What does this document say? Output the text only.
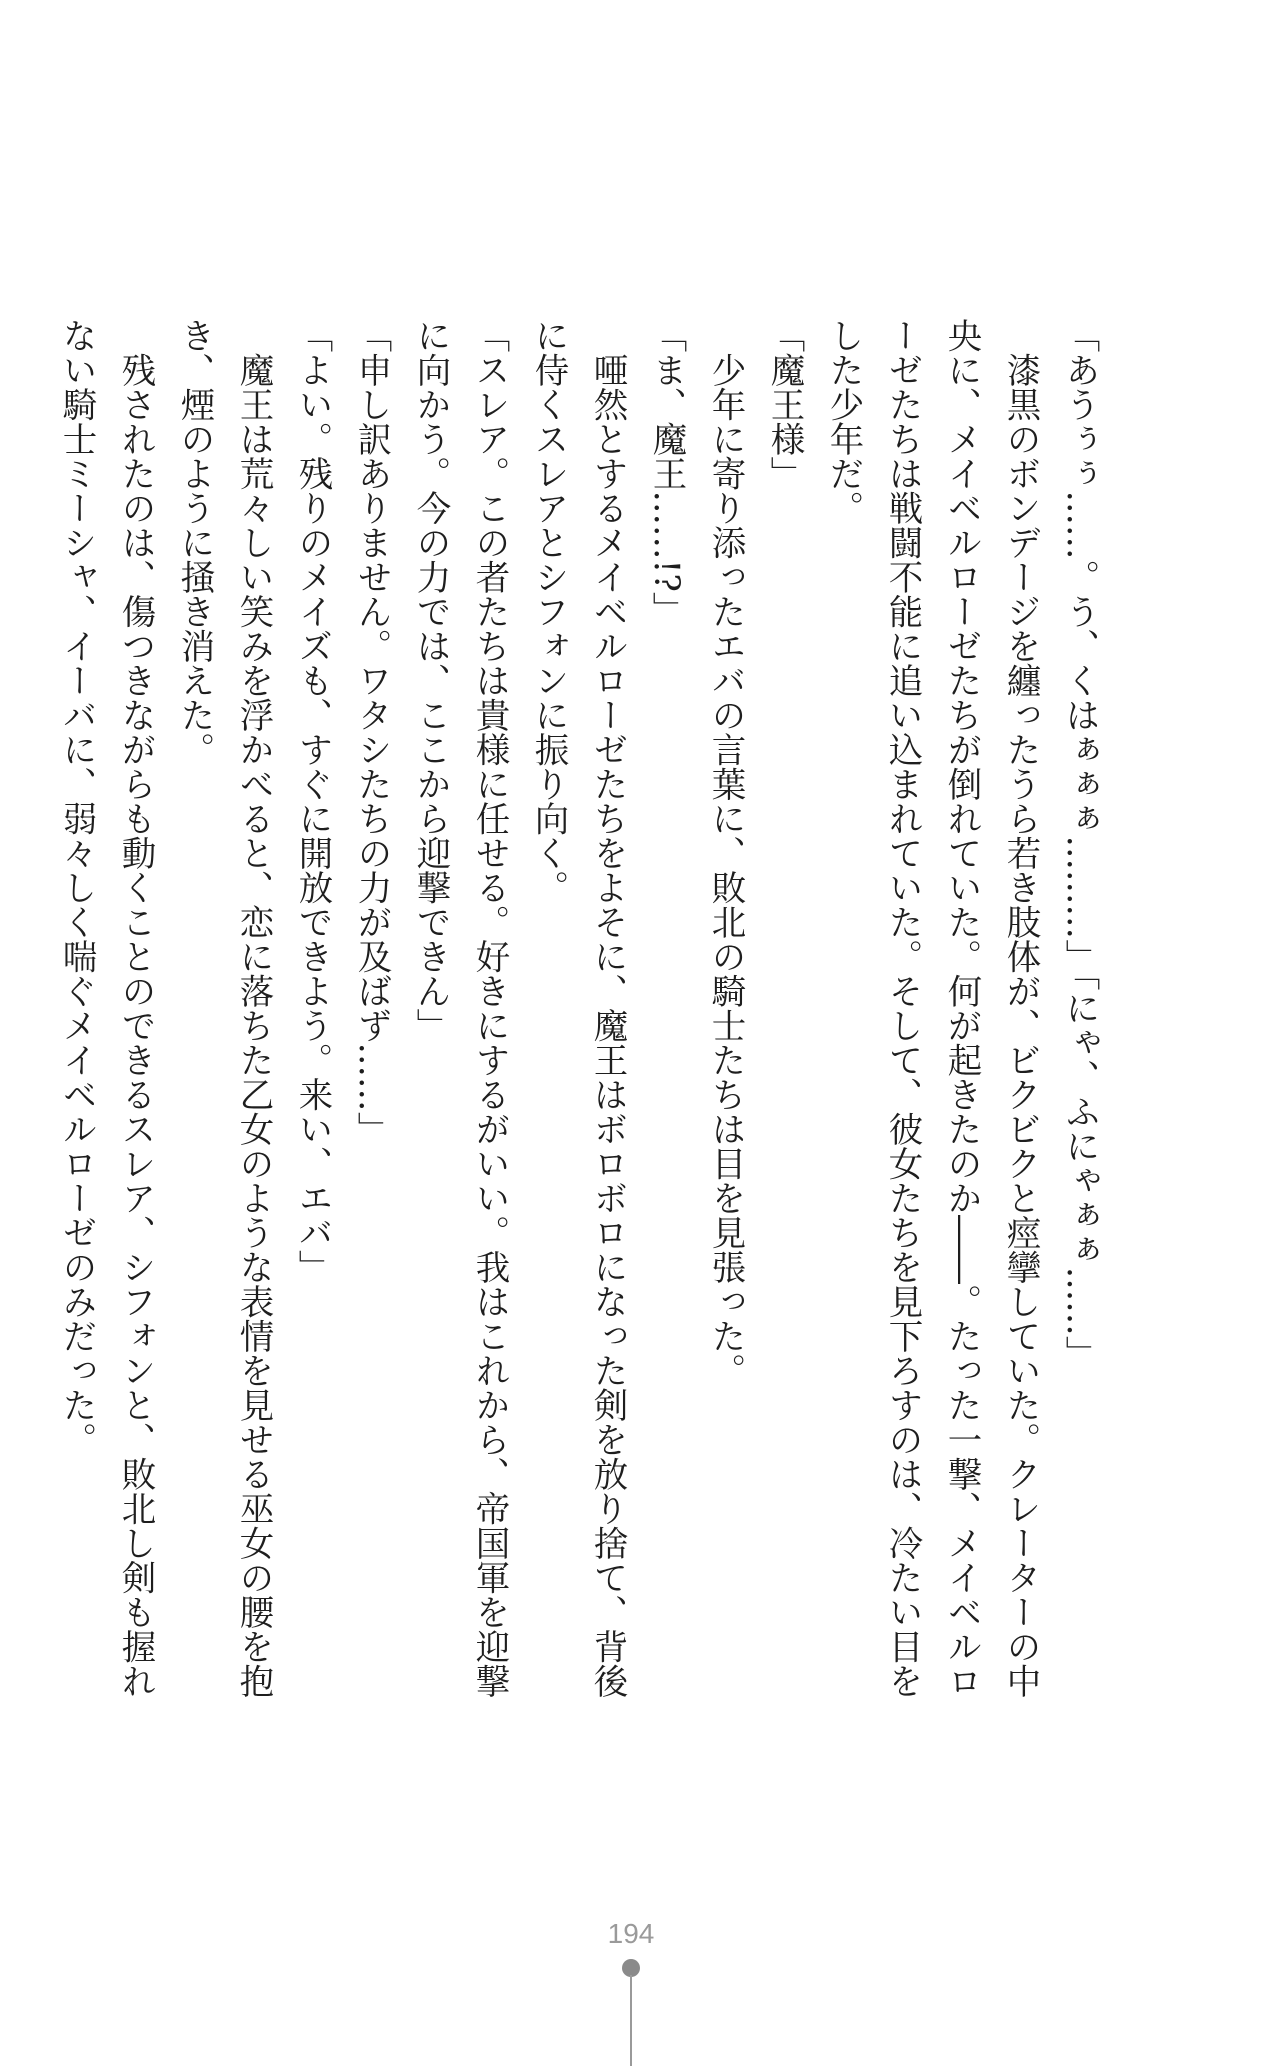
「あうぅぅ……。う、くはぁぁぁ………」「にゃ、ふにゃぁぁ……」

　漆黒のボンデージを纏ったうら若き肢体が、ビクビクと痙攣していた。クレーターの中

央に、メイベルローゼたちが倒れていた。何が起きたのか――。たった一撃、メイベルロ

ーゼたちは戦闘不能に追い込まれていた。そして、彼女たちを見下ろすのは、冷たい目を

した少年だ。

「魔王様」

　少年に寄り添ったエバの言葉に、敗北の騎士たちは目を見張った。

「ま、魔王……!?」

　唖然とするメイベルローゼたちをよそに、魔王はボロボロになった剣を放り捨て、背後

に侍くスレアとシフォンに振り向く。

「スレア。この者たちは貴様に任せる。好きにするがいい。我はこれから、帝国軍を迎撃

に向かう。今の力では、ここから迎撃できん」

「申し訳ありません。ワタシたちの力が及ばず……」

「よい。残りのメイズも、すぐに開放できよう。来い、エバ」

　魔王は荒々しい笑みを浮かべると、恋に落ちた乙女のような表情を見せる巫女の腰を抱

き、煙のように掻き消えた。

　残されたのは、傷つきながらも動くことのできるスレア、シフォンと、敗北し剣も握れ

ない騎士ミーシャ、イーバに、弱々しく喘ぐメイベルローゼのみだった。

194
